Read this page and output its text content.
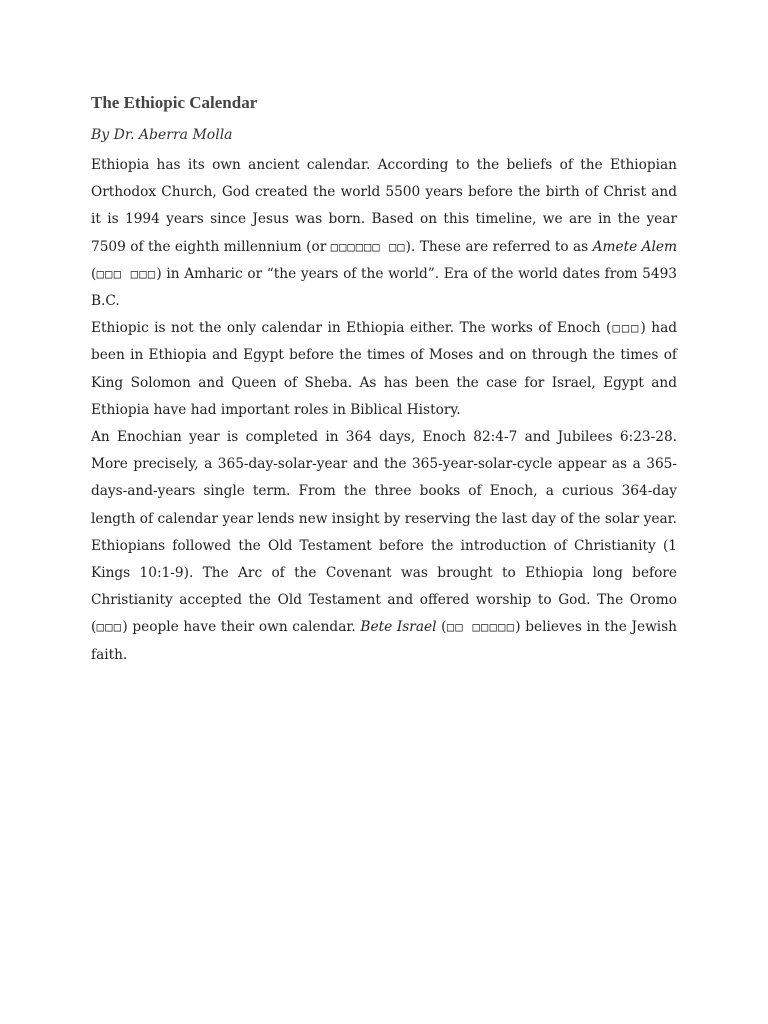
The Ethiopic Calendar

By Dr. Aberra Molla

Ethiopia has its own ancient calendar. According to the beliefs of the Ethiopian Orthodox Church, God created the world 5500 years before the birth of Christ and it is 1994 years since Jesus was born. Based on this timeline, we are in the year 7509 of the eighth millennium (or □□□□□□ □□). These are referred to as Amete Alem (□□□ □□□) in Amharic or “the years of the world”. Era of the world dates from 5493 B.C.

Ethiopic is not the only calendar in Ethiopia either. The works of Enoch (□□□) had been in Ethiopia and Egypt before the times of Moses and on through the times of King Solomon and Queen of Sheba. As has been the case for Israel, Egypt and Ethiopia have had important roles in Biblical History.

An Enochian year is completed in 364 days, Enoch 82:4-7 and Jubilees 6:23-28. More precisely, a 365-day-solar-year and the 365-year-solar-cycle appear as a 365-days-and-years single term. From the three books of Enoch, a curious 364-day length of calendar year lends new insight by reserving the last day of the solar year. Ethiopians followed the Old Testament before the introduction of Christianity (1 Kings 10:1-9). The Arc of the Covenant was brought to Ethiopia long before Christianity accepted the Old Testament and offered worship to God. The Oromo (□□□) people have their own calendar. Bete Israel (□□ □□□□□) believes in the Jewish faith.
